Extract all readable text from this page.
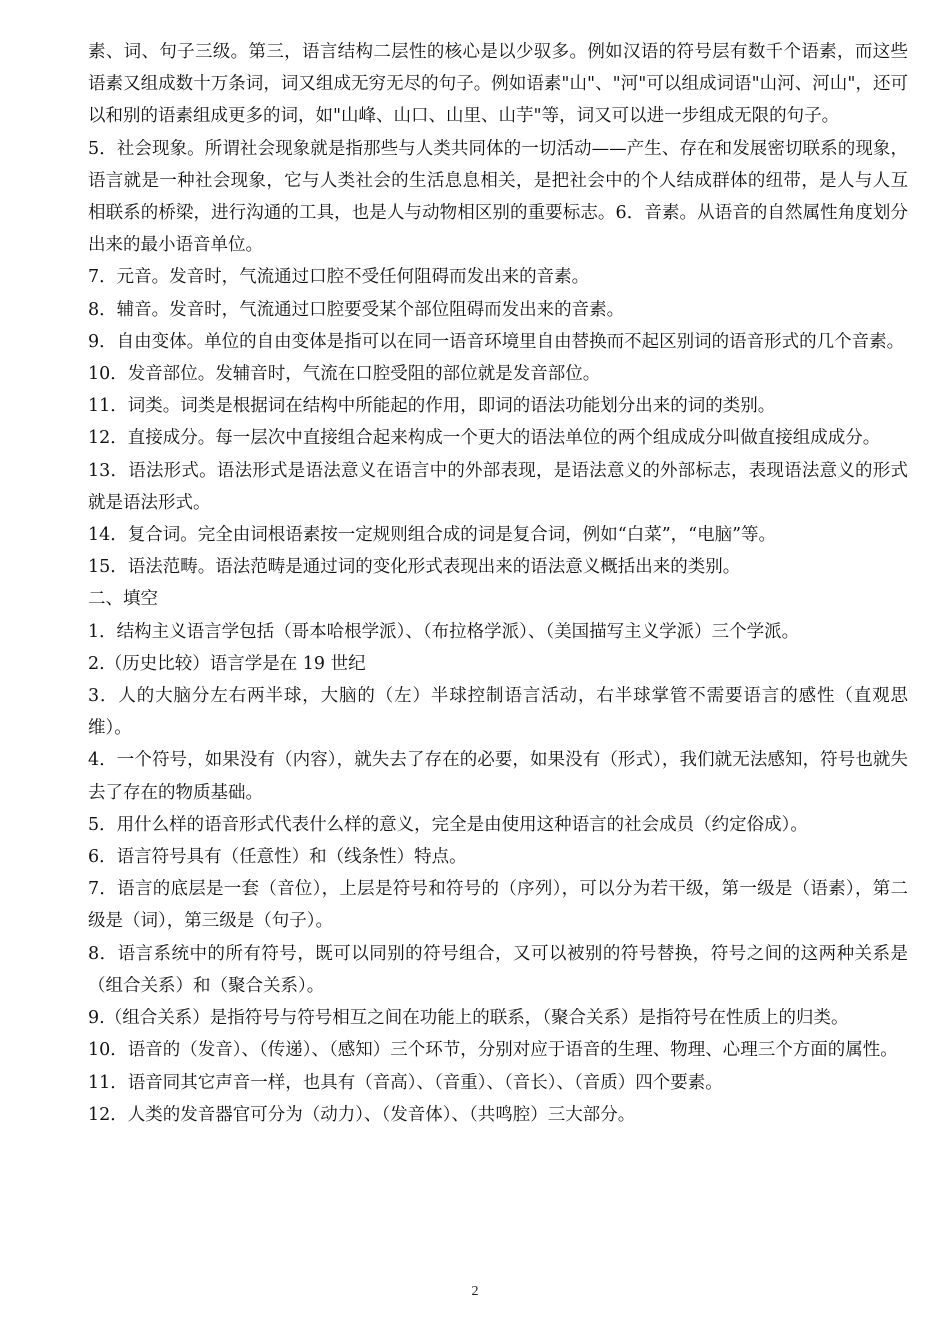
素、词、句子三级。第三，语言结构二层性的核心是以少驭多。例如汉语的符号层有数千个语素，而这些语素又组成数十万条词，词又组成无穷无尽的句子。例如语素"山"、"河"可以组成词语"山河、河山"，还可以和别的语素组成更多的词，如"山峰、山口、山里、山芋"等，词又可以进一步组成无限的句子。

5．社会现象。所谓社会现象就是指那些与人类共同体的一切活动——产生、存在和发展密切联系的现象，语言就是一种社会现象，它与人类社会的生活息息相关，是把社会中的个人结成群体的纽带，是人与人互相联系的桥梁，进行沟通的工具，也是人与动物相区别的重要标志。6．音素。从语音的自然属性角度划分出来的最小语音单位。

7．元音。发音时，气流通过口腔不受任何阻碍而发出来的音素。

8．辅音。发音时，气流通过口腔要受某个部位阻碍而发出来的音素。

9．自由变体。单位的自由变体是指可以在同一语音环境里自由替换而不起区别词的语音形式的几个音素。

10．发音部位。发辅音时，气流在口腔受阻的部位就是发音部位。

11．词类。词类是根据词在结构中所能起的作用，即词的语法功能划分出来的词的类别。

12．直接成分。每一层次中直接组合起来构成一个更大的语法单位的两个组成成分叫做直接组成成分。

13．语法形式。语法形式是语法意义在语言中的外部表现，是语法意义的外部标志，表现语法意义的形式就是语法形式。

14．复合词。完全由词根语素按一定规则组合成的词是复合词，例如“白菜”，“电脑”等。

15．语法范畴。语法范畴是通过词的变化形式表现出来的语法意义概括出来的类别。

二、填空

1．结构主义语言学包括（哥本哈根学派）、（布拉格学派）、（美国描写主义学派）三个学派。

2.（历史比较）语言学是在 19 世纪

3．人的大脑分左右两半球，大脑的（左）半球控制语言活动，右半球掌管不需要语言的感性（直观思维）。

4．一个符号，如果没有（内容），就失去了存在的必要，如果没有（形式），我们就无法感知，符号也就失去了存在的物质基础。

5．用什么样的语音形式代表什么样的意义，完全是由使用这种语言的社会成员（约定俗成）。

6．语言符号具有（任意性）和（线条性）特点。

7．语言的底层是一套（音位），上层是符号和符号的（序列），可以分为若干级，第一级是（语素），第二级是（词），第三级是（句子）。

8．语言系统中的所有符号，既可以同别的符号组合，又可以被别的符号替换，符号之间的这两种关系是（组合关系）和（聚合关系）。

9.（组合关系）是指符号与符号相互之间在功能上的联系，（聚合关系）是指符号在性质上的归类。

10．语音的（发音）、（传递）、（感知）三个环节，分别对应于语音的生理、物理、心理三个方面的属性。

11．语音同其它声音一样，也具有（音高）、（音重）、（音长）、（音质）四个要素。

12．人类的发音器官可分为（动力）、（发音体）、（共鸣腔）三大部分。

2
